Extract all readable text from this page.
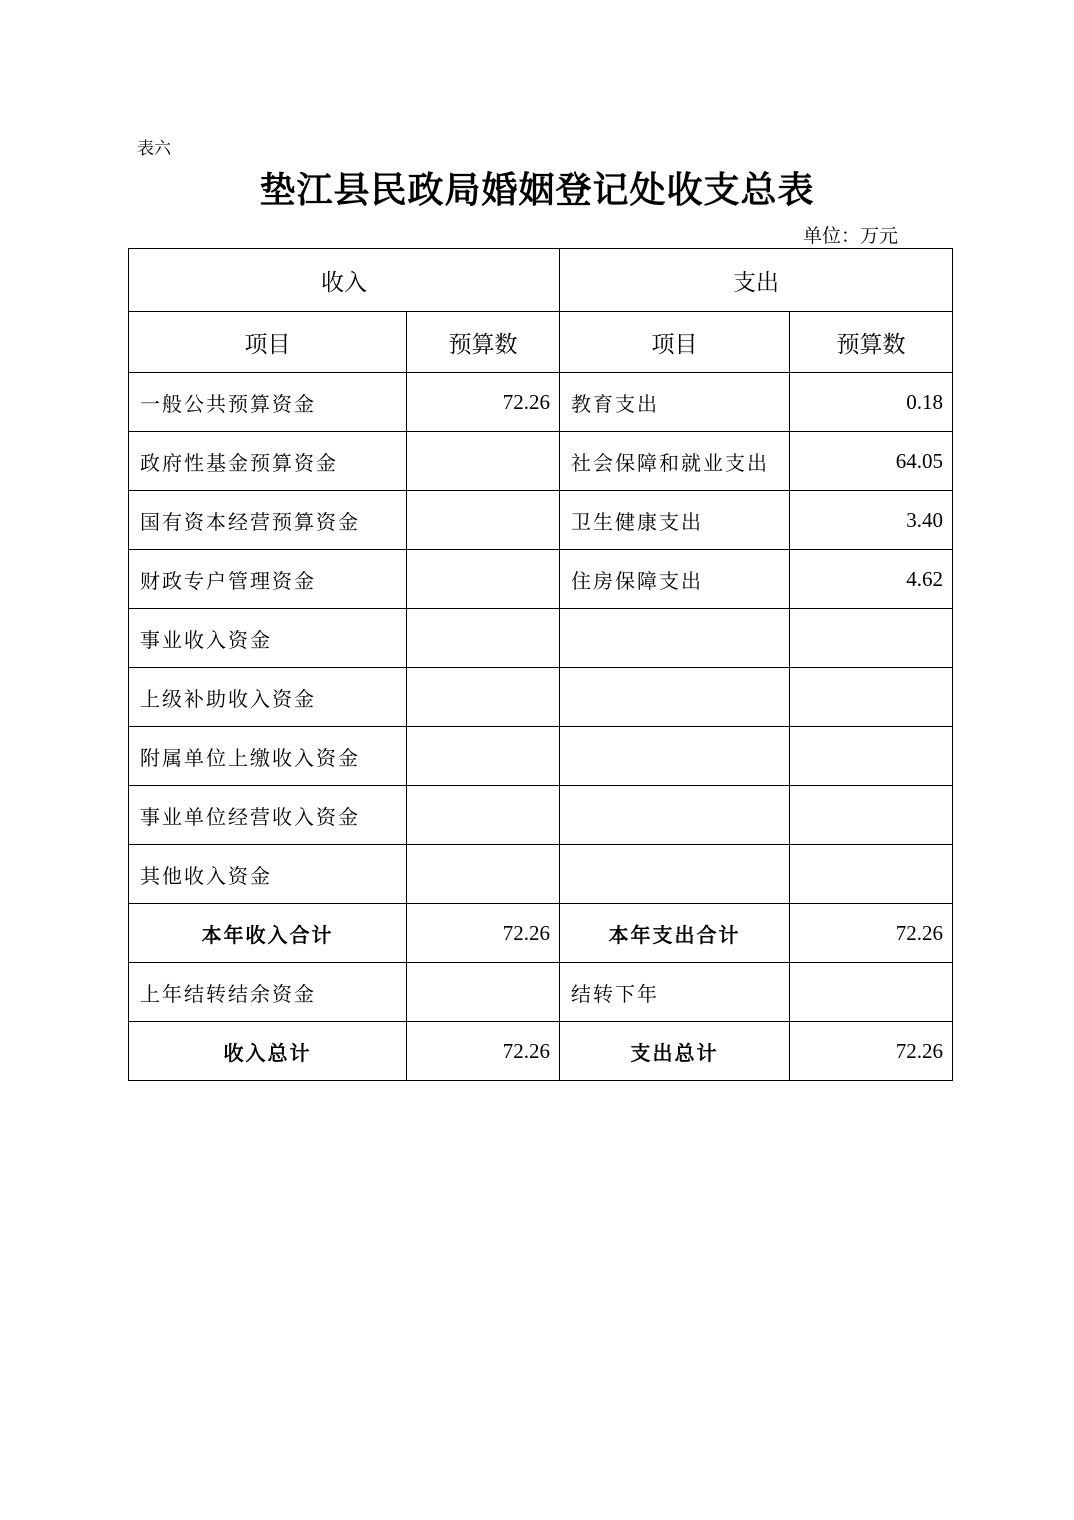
表六
垫江县民政局婚姻登记处收支总表
单位：万元
收入		支出	
项目	预算数	项目	预算数
一般公共预算资金	72.26	教育支出	0.18
政府性基金预算资金		社会保障和就业支出	64.05
国有资本经营预算资金		卫生健康支出	3.40
财政专户管理资金		住房保障支出	4.62
事业收入资金			
上级补助收入资金			
附属单位上缴收入资金			
事业单位经营收入资金			
其他收入资金			
本年收入合计	72.26	本年支出合计	72.26
上年结转结余资金		结转下年	
收入总计	72.26	支出总计	72.26
